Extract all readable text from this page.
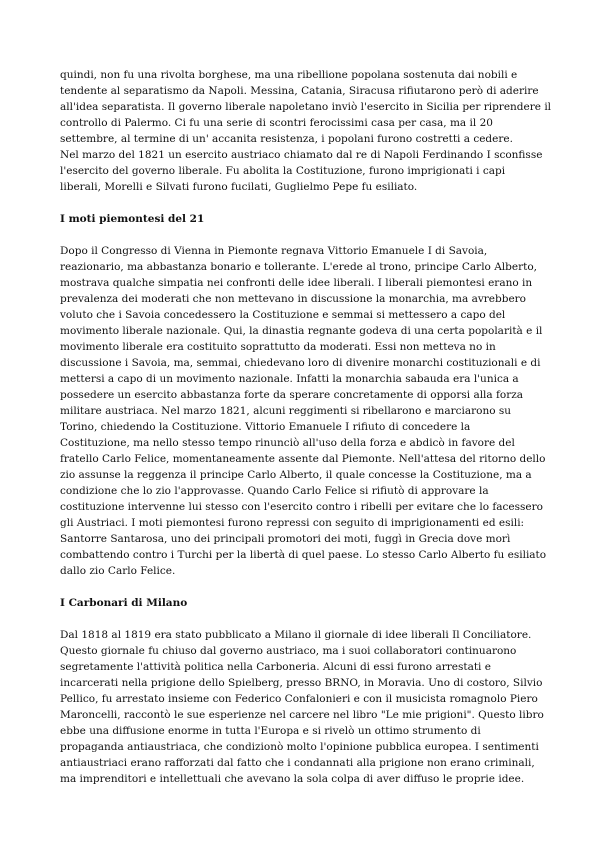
quindi, non fu una rivolta borghese, ma una ribellione popolana sostenuta dai nobili e
tendente al separatismo da Napoli. Messina, Catania, Siracusa rifiutarono però di aderire
all'idea separatista. Il governo liberale napoletano inviò l'esercito in Sicilia per riprendere il
controllo di Palermo. Ci fu una serie di scontri ferocissimi casa per casa, ma il 20
settembre, al termine di un' accanita resistenza, i popolani furono costretti a cedere.
Nel marzo del 1821 un esercito austriaco chiamato dal re di Napoli Ferdinando I sconfisse
l'esercito del governo liberale. Fu abolita la Costituzione, furono imprigionati i capi
liberali, Morelli e Silvati furono fucilati, Guglielmo Pepe fu esiliato.
I moti piemontesi del 21
Dopo il Congresso di Vienna in Piemonte regnava Vittorio Emanuele I di Savoia,
reazionario, ma abbastanza bonario e tollerante. L'erede al trono, principe Carlo Alberto,
mostrava qualche simpatia nei confronti delle idee liberali. I liberali piemontesi erano in
prevalenza dei moderati che non mettevano in discussione la monarchia, ma avrebbero
voluto che i Savoia concedessero la Costituzione e semmai si mettessero a capo del
movimento liberale nazionale. Qui, la dinastia regnante godeva di una certa popolarità e il
movimento liberale era costituito soprattutto da moderati. Essi non metteva no in
discussione i Savoia, ma, semmai, chiedevano loro di divenire monarchi costituzionali e di
mettersi a capo di un movimento nazionale. Infatti la monarchia sabauda era l'unica a
possedere un esercito abbastanza forte da sperare concretamente di opporsi alla forza
militare austriaca. Nel marzo 1821, alcuni reggimenti si ribellarono e marciarono su
Torino, chiedendo la Costituzione. Vittorio Emanuele I rifiuto di concedere la
Costituzione, ma nello stesso tempo rinunciò all'uso della forza e abdicò in favore del
fratello Carlo Felice, momentaneamente assente dal Piemonte. Nell'attesa del ritorno dello
zio assunse la reggenza il principe Carlo Alberto, il quale concesse la Costituzione, ma a
condizione che lo zio l'approvasse. Quando Carlo Felice si rifiutò di approvare la
costituzione intervenne lui stesso con l'esercito contro i ribelli per evitare che lo facessero
gli Austriaci. I moti piemontesi furono repressi con seguito di imprigionamenti ed esili:
Santorre Santarosa, uno dei principali promotori dei moti, fuggì in Grecia dove morì
combattendo contro i Turchi per la libertà di quel paese. Lo stesso Carlo Alberto fu esiliato
dallo zio Carlo Felice.
I Carbonari di Milano
Dal 1818 al 1819 era stato pubblicato a Milano il giornale di idee liberali Il Conciliatore.
Questo giornale fu chiuso dal governo austriaco, ma i suoi collaboratori continuarono
segretamente l'attività politica nella Carboneria. Alcuni di essi furono arrestati e
incarcerati nella prigione dello Spielberg, presso BRNO, in Moravia. Uno di costoro, Silvio
Pellico, fu arrestato insieme con Federico Confalonieri e con il musicista romagnolo Piero
Maroncelli, raccontò le sue esperienze nel carcere nel libro "Le mie prigioni". Questo libro
ebbe una diffusione enorme in tutta l'Europa e si rivelò un ottimo strumento di
propaganda antiaustriaca, che condizionò molto l'opinione pubblica europea. I sentimenti
antiaustriaci erano rafforzati dal fatto che i condannati alla prigione non erano criminali,
ma imprenditori e intellettuali che avevano la sola colpa di aver diffuso le proprie idee.
